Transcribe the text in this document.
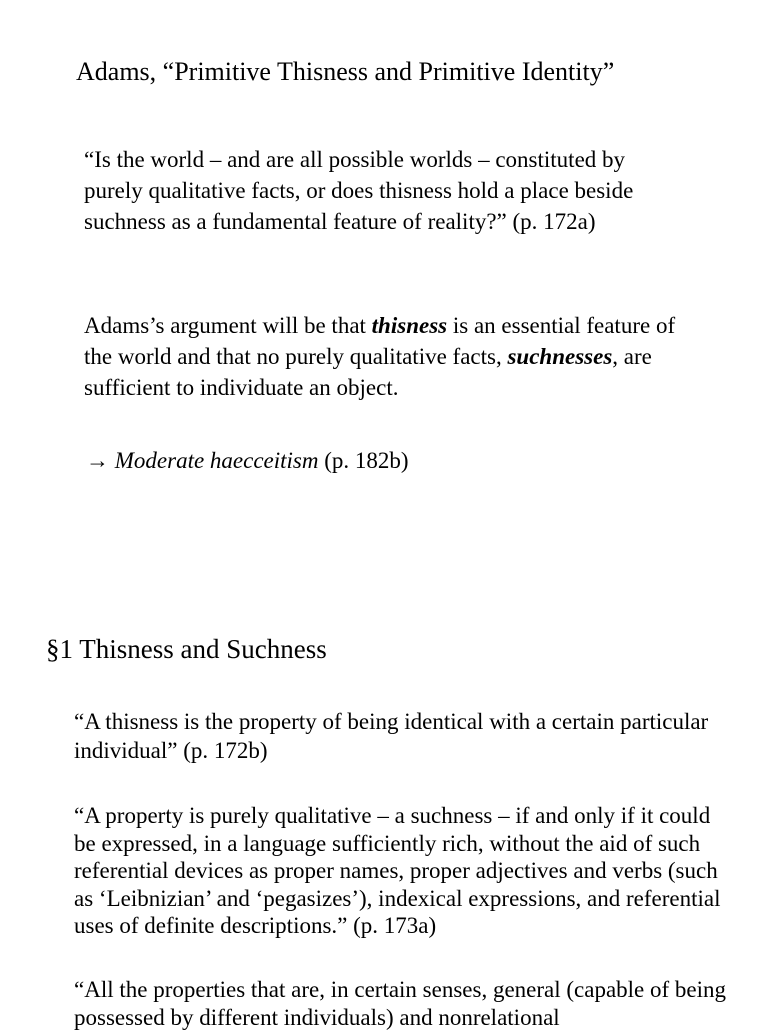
Adams, “Primitive Thisness and Primitive Identity”

“Is the world – and are all possible worlds – constituted by purely qualitative facts, or does thisness hold a place beside suchness as a fundamental feature of reality?” (p. 172a)

Adams’s argument will be that thisness is an essential feature of the world and that no purely qualitative facts, suchnesses, are sufficient to individuate an object.

→ Moderate haecceitism (p. 182b)

§1 Thisness and Suchness

“A thisness is the property of being identical with a certain particular individual” (p. 172b)

“A property is purely qualitative – a suchness – if and only if it could be expressed, in a language sufficiently rich, without the aid of such referential devices as proper names, proper adjectives and verbs (such as ‘Leibnizian’ and ‘pegasizes’), indexical expressions, and referential uses of definite descriptions.” (p. 173a)

“All the properties that are, in certain senses, general (capable of being possessed by different individuals) and nonrelational
